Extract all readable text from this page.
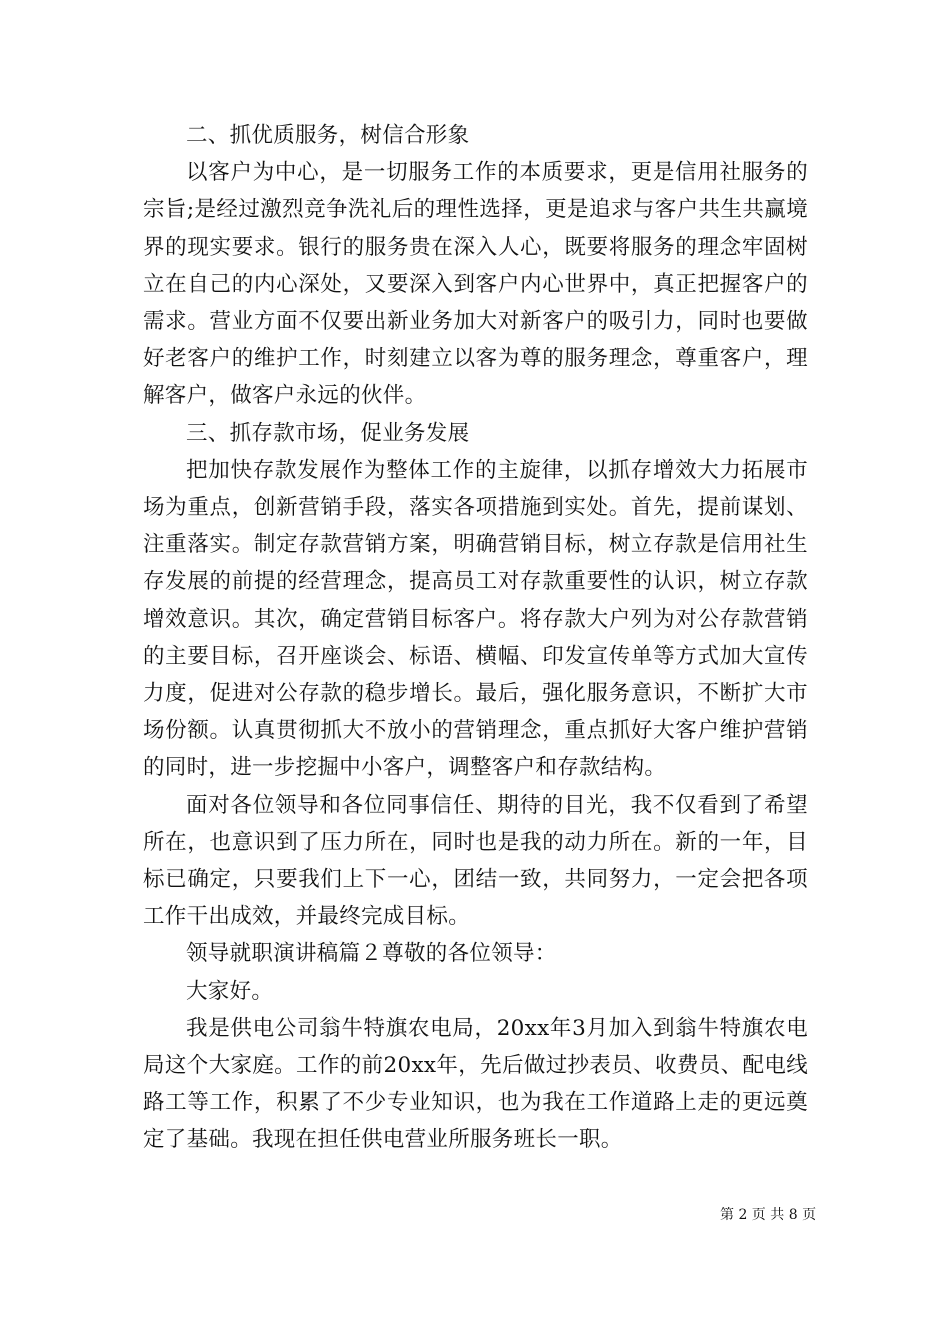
二、抓优质服务，树信合形象

以客户为中心，是一切服务工作的本质要求，更是信用社服务的宗旨;是经过激烈竞争洗礼后的理性选择，更是追求与客户共生共赢境界的现实要求。银行的服务贵在深入人心，既要将服务的理念牢固树立在自己的内心深处，又要深入到客户内心世界中，真正把握客户的需求。营业方面不仅要出新业务加大对新客户的吸引力，同时也要做好老客户的维护工作，时刻建立以客为尊的服务理念，尊重客户，理解客户，做客户永远的伙伴。

三、抓存款市场，促业务发展

把加快存款发展作为整体工作的主旋律，以抓存增效大力拓展市场为重点，创新营销手段，落实各项措施到实处。首先，提前谋划、注重落实。制定存款营销方案，明确营销目标，树立存款是信用社生存发展的前提的经营理念，提高员工对存款重要性的认识，树立存款增效意识。其次，确定营销目标客户。将存款大户列为对公存款营销的主要目标，召开座谈会、标语、横幅、印发宣传单等方式加大宣传力度，促进对公存款的稳步增长。最后，强化服务意识，不断扩大市场份额。认真贯彻抓大不放小的营销理念，重点抓好大客户维护营销的同时，进一步挖掘中小客户，调整客户和存款结构。

面对各位领导和各位同事信任、期待的目光，我不仅看到了希望所在，也意识到了压力所在，同时也是我的动力所在。新的一年，目标已确定，只要我们上下一心，团结一致，共同努力，一定会把各项工作干出成效，并最终完成目标。

领导就职演讲稿篇２尊敬的各位领导：

大家好。

我是供电公司翁牛特旗农电局，20xx年3月加入到翁牛特旗农电局这个大家庭。工作的前20xx年，先后做过抄表员、收费员、配电线路工等工作，积累了不少专业知识，也为我在工作道路上走的更远奠定了基础。我现在担任供电营业所服务班长一职。

第 2 页 共 8 页
